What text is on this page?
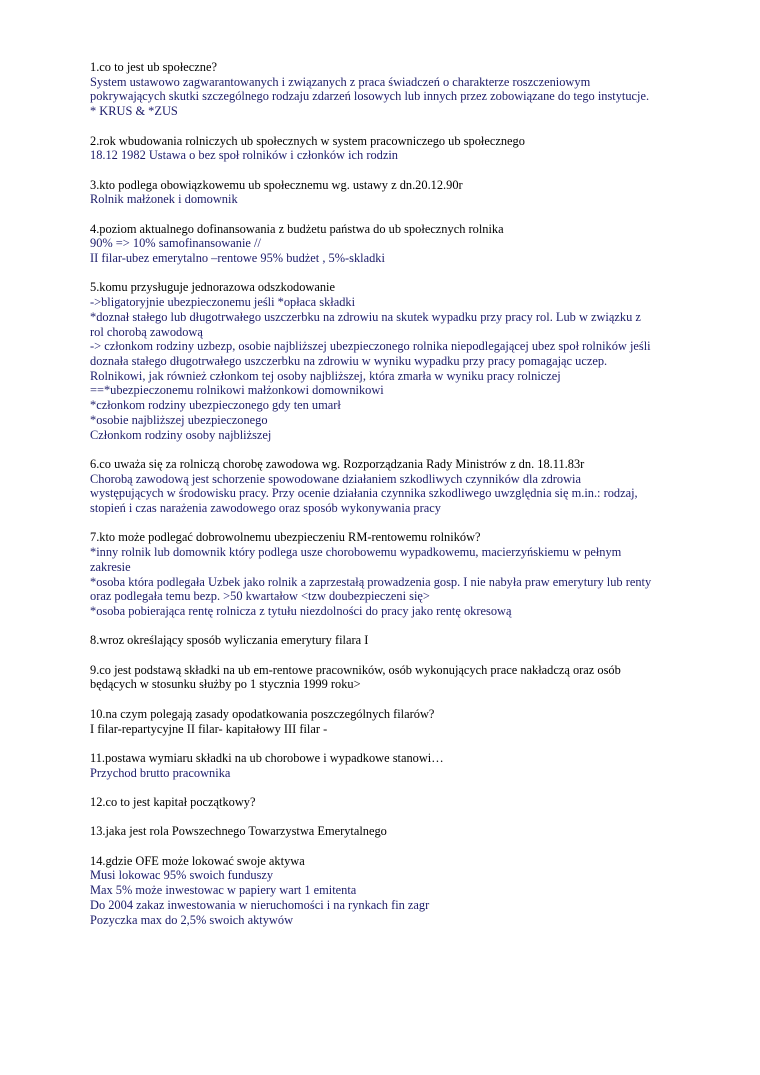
1.co to jest ub społeczne?
System ustawowo zagwarantowanych i związanych z praca świadczeń o charakterze roszczeniowym
pokrywających skutki szczególnego rodzaju zdarzeń losowych lub innych przez zobowiązane do tego instytucje.
* KRUS & *ZUS
2.rok wbudowania rolniczych ub społecznych w system pracowniczego ub społecznego
18.12 1982 Ustawa o bez społ rolników i członków ich rodzin
3.kto podlega obowiązkowemu ub społecznemu wg. ustawy z dn.20.12.90r
Rolnik małżonek i domownik
4.poziom aktualnego dofinansowania z budżetu państwa do ub społecznych rolnika
90% => 10% samofinansowanie //
II filar-ubez emerytalno –rentowe 95% budżet , 5%-skladki
5.komu przysługuje jednorazowa odszkodowanie
->bligatoryjnie ubezpieczonemu jeśli *opłaca składki
*doznał stałego lub długotrwałego uszczerbku na zdrowiu na skutek wypadku przy pracy rol. Lub w związku z
rol chorobą zawodową
-> członkom rodziny uzbezp, osobie najbliższej ubezpieczonego rolnika niepodlegającej ubez społ rolników jeśli
doznała stałego długotrwałego uszczerbku na zdrowiu w wyniku wypadku przy pracy pomagając uczep.
Rolnikowi, jak również członkom tej osoby najbliższej, która zmarła w wyniku pracy rolniczej
==*ubezpieczonemu rolnikowi małżonkowi domownikowi
*członkom rodziny ubezpieczonego gdy ten umarł
*osobie najbliższej ubezpieczonego
Członkom rodziny osoby najbliższej
6.co uważa się za rolniczą chorobę zawodowa wg. Rozporządzania Rady Ministrów z dn. 18.11.83r
Chorobą zawodową jest schorzenie spowodowane działaniem szkodliwych czynników dla zdrowia
występujących w środowisku pracy. Przy ocenie działania czynnika szkodliwego uwzględnia się m.in.: rodzaj,
stopień i czas narażenia zawodowego oraz sposób wykonywania pracy
7.kto może podlegać dobrowolnemu ubezpieczeniu RM-rentowemu rolników?
*inny rolnik lub domownik który podlega usze chorobowemu wypadkowemu, macierzyńskiemu w pełnym
zakresie
*osoba która podlegała Uzbek jako rolnik a zaprzestałą prowadzenia gosp. I nie nabyła praw emerytury lub renty
oraz podlegała temu bezp. >50 kwartałow <tzw doubezpieczeni się>
*osoba pobierająca rentę rolnicza z tytułu niezdolności do pracy jako rentę okresową
8.wroz określający sposób wyliczania emerytury filara I
9.co jest podstawą składki na ub em-rentowe pracowników, osób wykonujących prace nakładczą oraz osób
będących w stosunku służby po 1 stycznia 1999 roku>
10.na czym polegają zasady opodatkowania poszczególnych filarów?
I filar-repartycyjne II filar- kapitałowy III filar -
11.postawa wymiaru składki na ub chorobowe i wypadkowe stanowi…
Przychod brutto pracownika
12.co to jest kapitał początkowy?
13.jaka jest rola Powszechnego Towarzystwa Emerytalnego
14.gdzie OFE może lokować swoje aktywa
Musi lokowac 95% swoich funduszy
Max 5% może inwestowac w papiery wart 1 emitenta
Do 2004 zakaz inwestowania w nieruchomości i na rynkach fin zagr
Pozyczka max do 2,5% swoich aktywów
